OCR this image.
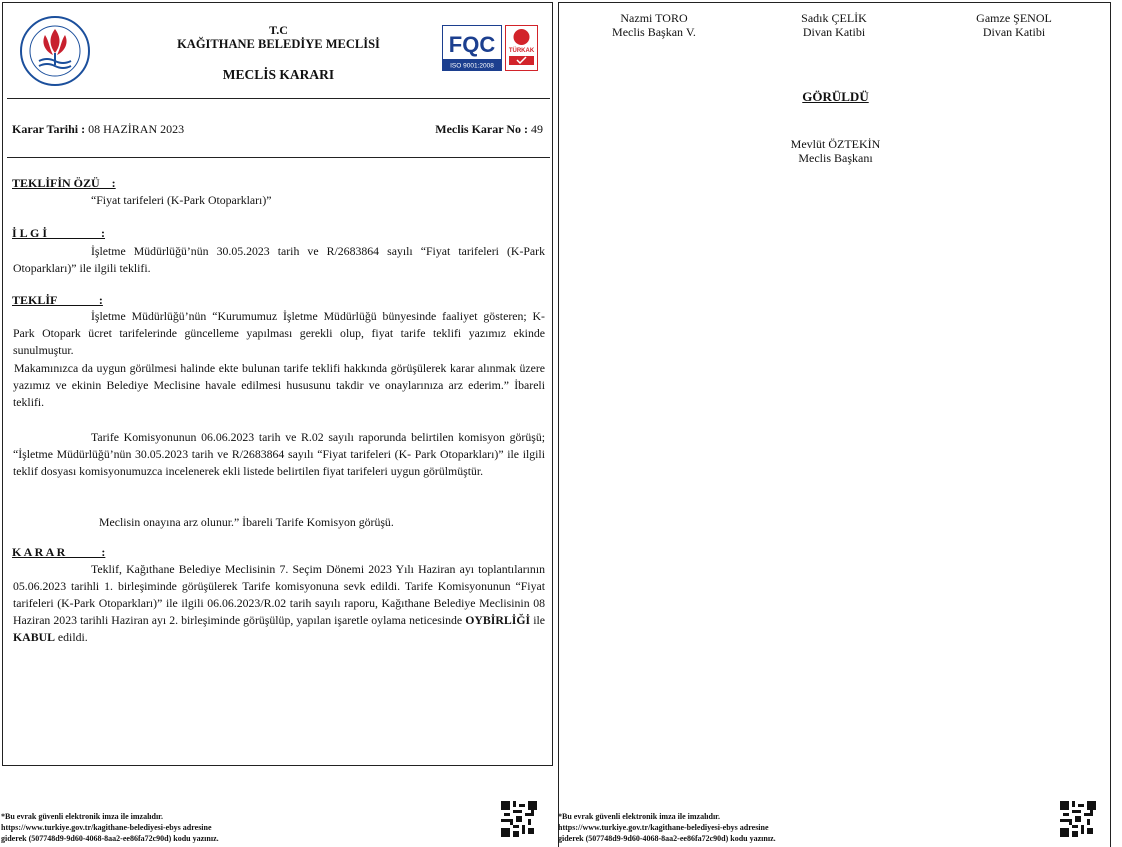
T.C
KAĞITHANE BELEDİYE MECLİSİ
MECLİS KARARI
FQC
ISO 9001:2008
TÜRKAK
Karar Tarihi : 08 HAZİRAN 2023	Meclis Karar No : 49
TEKLİFİN ÖZÜ    :
“Fiyat tarifeleri (K-Park Otoparkları)”
İ L G İ                  :
İşletme Müdürlüğü’nün 30.05.2023 tarih ve R/2683864 sayılı “Fiyat tarifeleri (K-Park Otoparkları)” ile ilgili teklifi.
TEKLİF              :
İşletme Müdürlüğü’nün “Kurumumuz İşletme Müdürlüğü bünyesinde faaliyet gösteren; K- Park Otopark ücret tarifelerinde güncelleme yapılması gerekli olup, fiyat tarife teklifi yazımız ekinde sunulmuştur.
Makamınızca da uygun görülmesi halinde ekte bulunan tarife teklifi hakkında görüşülerek karar alınmak üzere yazımız ve ekinin Belediye Meclisine havale edilmesi hususunu takdir ve onaylarınıza arz ederim.” İbareli teklifi.
Tarife Komisyonunun 06.06.2023 tarih ve R.02 sayılı raporunda belirtilen komisyon görüşü; “İşletme Müdürlüğü’nün 30.05.2023 tarih ve R/2683864 sayılı “Fiyat tarifeleri (K- Park Otoparkları)” ile ilgili teklif dosyası komisyonumuzca incelenerek ekli listede belirtilen fiyat tarifeleri uygun görülmüştür.
Meclisin onayına arz olunur.” İbareli Tarife Komisyon görüşü.
K A R A R            :
Teklif, Kağıthane Belediye Meclisinin 7. Seçim Dönemi 2023 Yılı Haziran ayı toplantılarının 05.06.2023 tarihli 1. birleşiminde görüşülerek Tarife komisyonuna sevk edildi. Tarife Komisyonunun “Fiyat tarifeleri (K-Park Otoparkları)” ile ilgili 06.06.2023/R.02 tarih sayılı raporu, Kağıthane Belediye Meclisinin 08 Haziran 2023 tarihli Haziran ayı 2. birleşiminde görüşülüp, yapılan işaretle oylama neticesinde OYBİRLİĞİ ile KABUL edildi.
*Bu evrak güvenli elektronik imza ile imzalıdır.
https://www.turkiye.gov.tr/kagithane-belediyesi-ebys adresine
giderek (507748d9-9d60-4068-8aa2-ee86fa72c90d) kodu yazınız.
Nazmi TORO
Meclis Başkan V.
Sadık ÇELİK
Divan Katibi
Gamze ŞENOL
Divan Katibi
GÖRÜLDÜ
Mevlüt ÖZTEKİN
Meclis Başkanı
*Bu evrak güvenli elektronik imza ile imzalıdır.
https://www.turkiye.gov.tr/kagithane-belediyesi-ebys adresine
giderek (507748d9-9d60-4068-8aa2-ee86fa72c90d) kodu yazınız.
